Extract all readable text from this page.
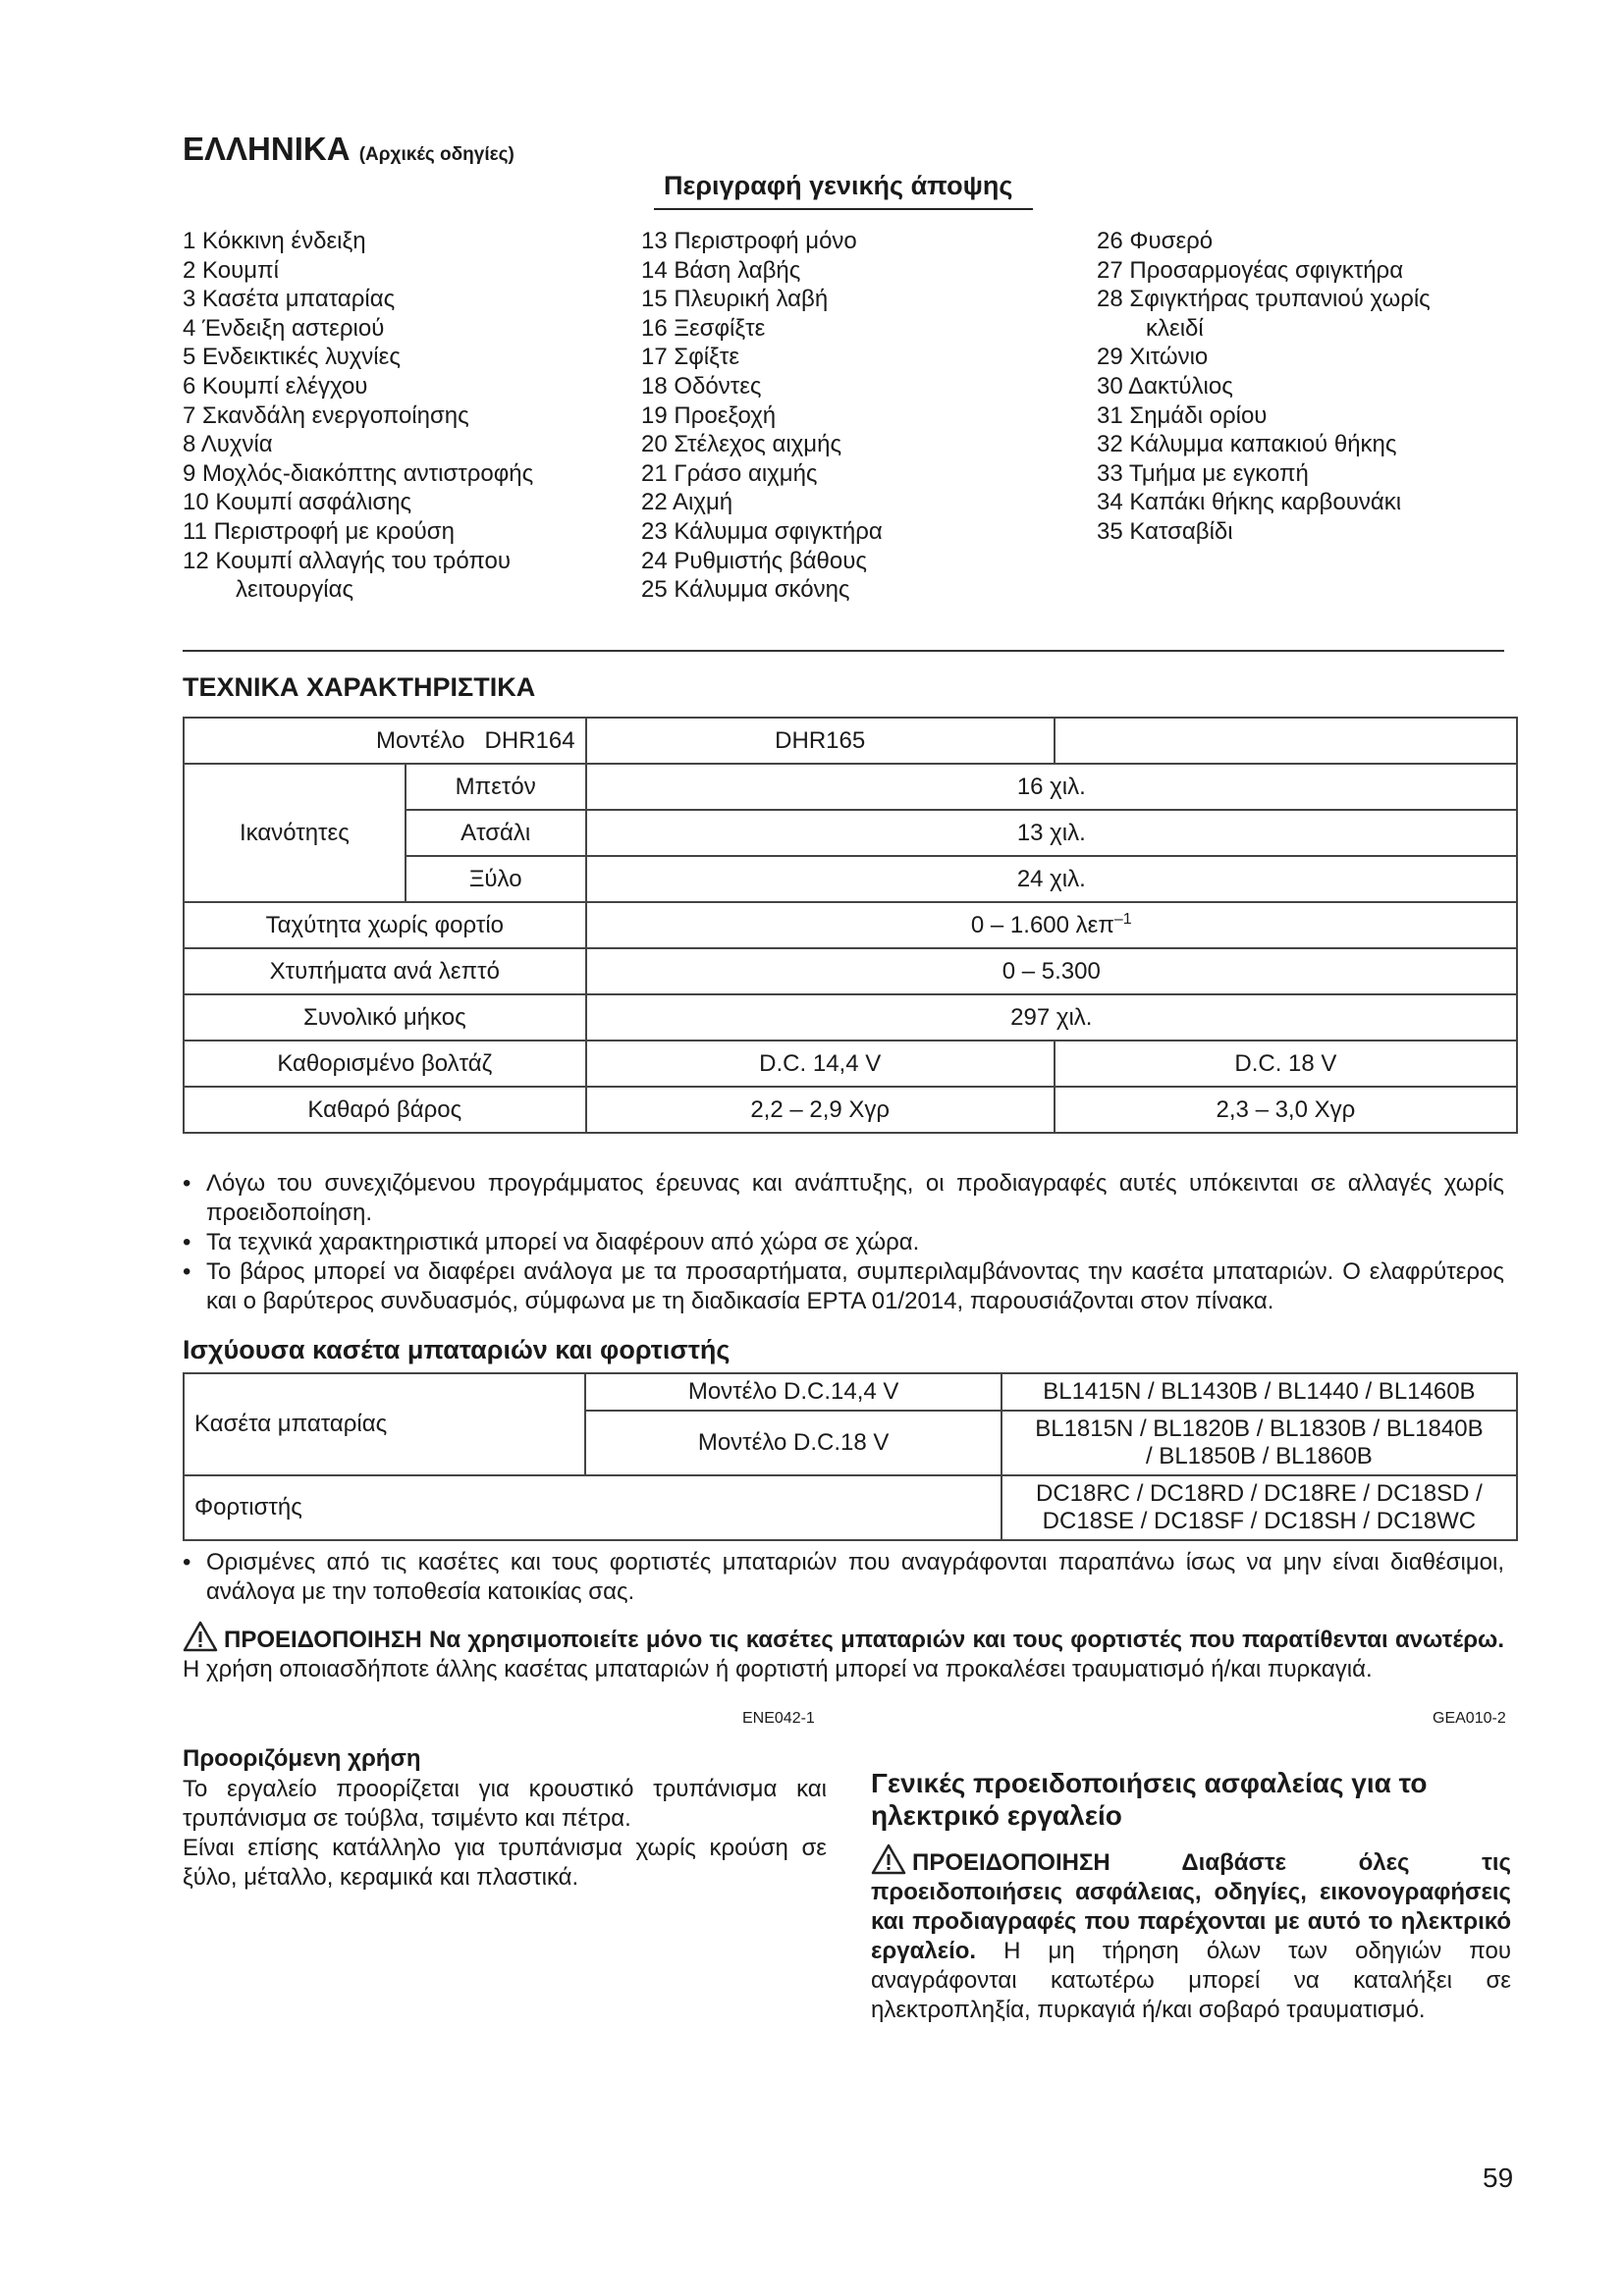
ΕΛΛΗΝΙΚΑ (Αρχικές οδηγίες)
Περιγραφή γενικής άποψης
1 Κόκκινη ένδειξη
2 Κουμπί
3 Κασέτα μπαταρίας
4 Ένδειξη αστεριού
5 Ενδεικτικές λυχνίες
6 Κουμπί ελέγχου
7 Σκανδάλη ενεργοποίησης
8 Λυχνία
9 Μοχλός-διακόπτης αντιστροφής
10 Κουμπί ασφάλισης
11 Περιστροφή με κρούση
12 Κουμπί αλλαγής του τρόπου
λειτουργίας
13 Περιστροφή μόνο
14 Βάση λαβής
15 Πλευρική λαβή
16 Ξεσφίξτε
17 Σφίξτε
18 Οδόντες
19 Προεξοχή
20 Στέλεχος αιχμής
21 Γράσο αιχμής
22 Αιχμή
23 Κάλυμμα σφιγκτήρα
24 Ρυθμιστής βάθους
25 Κάλυμμα σκόνης
26 Φυσερό
27 Προσαρμογέας σφιγκτήρα
28 Σφιγκτήρας τρυπανιού χωρίς
κλειδί
29 Χιτώνιο
30 Δακτύλιος
31 Σημάδι ορίου
32 Κάλυμμα καπακιού θήκης
33 Τμήμα με εγκοπή
34 Καπάκι θήκης καρβουνάκι
35 Κατσαβίδι
ΤΕΧΝΙΚΑ ΧΑΡΑΚΤΗΡΙΣΤΙΚΑ
Μοντέλο DHR164		DHR165	
Ικανότητες	Μπετόν	16 χιλ.	
	Ατσάλι	13 χιλ.	
	Ξύλο	24 χιλ.	
Ταχύτητα χωρίς φορτίο		0 – 1.600 λεπ$^{-1}$
Χτυπήματα ανά λεπτό		0 – 5.300	
Συνολικό μήκος		297 χιλ.	
Καθορισμένο βολτάζ		D.C. 14,4 V	D.C. 18 V
Καθαρό βάρος		2,2 – 2,9 Χγρ	2,3 – 3,0 Χγρ
• Λόγω του συνεχιζόμενου προγράμματος έρευνας και ανάπτυξης, οι προδιαγραφές αυτές υπόκεινται σε αλλαγές χωρίς προειδοποίηση.
• Τα τεχνικά χαρακτηριστικά μπορεί να διαφέρουν από χώρα σε χώρα.
• Το βάρος μπορεί να διαφέρει ανάλογα με τα προσαρτήματα, συμπεριλαμβάνοντας την κασέτα μπαταριών. Ο ελαφρύτερος και ο βαρύτερος συνδυασμός, σύμφωνα με τη διαδικασία EPTA 01/2014, παρουσιάζονται στον πίνακα.
Ισχύουσα κασέτα μπαταριών και φορτιστής
Κασέτα μπαταρίας	Μοντέλο D.C.14,4 V	BL1415N / BL1430B / BL1440 / BL1460B
	Μοντέλο D.C.18 V	BL1815N / BL1820B / BL1830B / BL1840B
/ BL1850B / BL1860B

Φορτιστής		DC18RC / DC18RD / DC18RE / DC18SD /
DC18SE / DC18SF / DC18SH / DC18WC
• Ορισμένες από τις κασέτες και τους φορτιστές μπαταριών που αναγράφονται παραπάνω ίσως να μην είναι διαθέσιμοι, ανάλογα με την τοποθεσία κατοικίας σας.
ΠΡΟΕΙΔΟΠΟΙΗΣΗ Να χρησιμοποιείτε μόνο τις κασέτες μπαταριών και τους φορτιστές που παρατίθενται ανωτέρω. Η χρήση οποιασδήποτε άλλης κασέτας μπαταριών ή φορτιστή μπορεί να προκαλέσει τραυματισμό ή/και πυρκαγιά.
ENE042-1	GEA010-2
Προοριζόμενη χρήση
Το εργαλείο προορίζεται για κρουστικό τρυπάνισμα και τρυπάνισμα σε τούβλα, τσιμέντο και πέτρα.
Είναι επίσης κατάλληλο για τρυπάνισμα χωρίς κρούση σε ξύλο, μέταλλο, κεραμικά και πλαστικά.
Γενικές προειδοποιήσεις ασφαλείας για το
ηλεκτρικό εργαλείο
ΠΡΟΕΙΔΟΠΟΙΗΣΗ Διαβάστε όλες τις προειδοποιήσεις ασφάλειας, οδηγίες, εικονογραφήσεις και προδιαγραφές που παρέχονται με αυτό το ηλεκτρικό εργαλείο. Η μη τήρηση όλων των οδηγιών που αναγράφονται κατωτέρω μπορεί να καταλήξει σε ηλεκτροπληξία, πυρκαγιά ή/και σοβαρό τραυματισμό.
59
